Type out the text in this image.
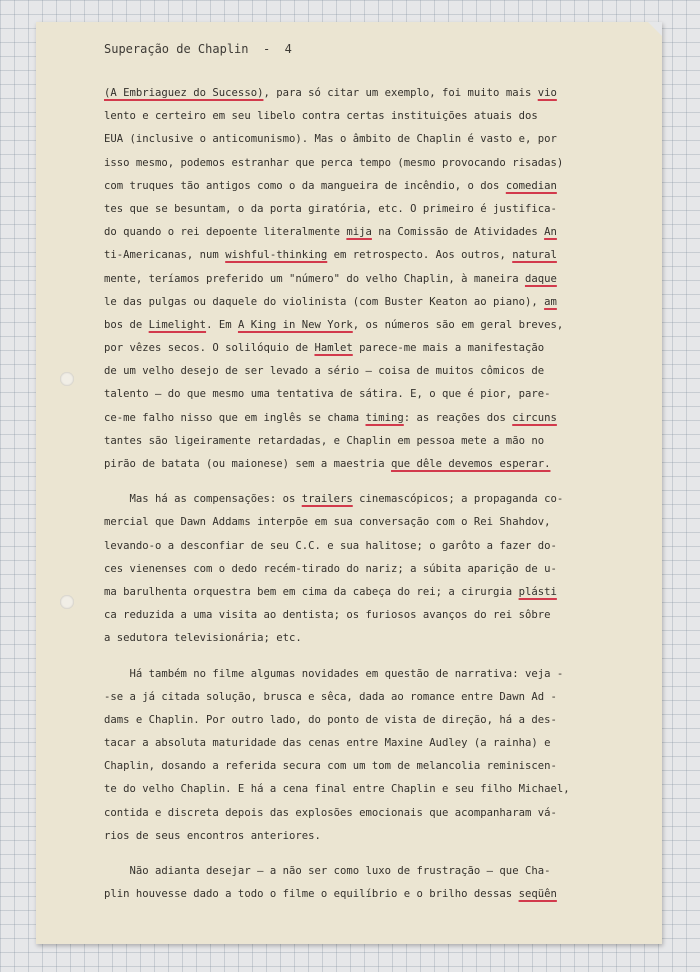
Superação de Chaplin  -  4
(A Embriaguez do Sucesso), para só citar um exemplo, foi muito mais vio
lento e certeiro em seu libelo contra certas instituições atuais dos
EUA (inclusive o anticomunismo). Mas o âmbito de Chaplin é vasto e, por
isso mesmo, podemos estranhar que perca tempo (mesmo provocando risadas)
com truques tão antigos como o da mangueira de incêndio, o dos comedian
tes que se besuntam, o da porta giratória, etc. O primeiro é justifica-
do quando o rei depoente literalmente mija na Comissão de Atividades An
ti-Americanas, num wishful-thinking em retrospecto. Aos outros, natural
mente, teríamos preferido um "número" do velho Chaplin, à maneira daque
le das pulgas ou daquele do violinista (com Buster Keaton ao piano), am
bos de Limelight. Em A King in New York, os números são em geral breves,
por vêzes secos. O solilóquio de Hamlet parece-me mais a manifestação
de um velho desejo de ser levado a sério — coisa de muitos cômicos de
talento — do que mesmo uma tentativa de sátira. E, o que é pior, pare-
ce-me falho nisso que em inglês se chama timing: as reações dos circuns
tantes são ligeiramente retardadas, e Chaplin em pessoa mete a mão no
pirão de batata (ou maionese) sem a maestria que dêle devemos esperar.
Mas há as compensações: os trailers cinemascópicos; a propaganda co-
mercial que Dawn Addams interpõe em sua conversação com o Rei Shahdov,
levando-o a desconfiar de seu C.C. e sua halitose; o garôto a fazer do-
ces vienenses com o dedo recém-tirado do nariz; a súbita aparição de u-
ma barulhenta orquestra bem em cima da cabeça do rei; a cirurgia plásti
ca reduzida a uma visita ao dentista; os furiosos avanços do rei sôbre
a sedutora televisionária; etc.
Há também no filme algumas novidades em questão de narrativa: veja -
-se a já citada solução, brusca e sêca, dada ao romance entre Dawn Ad -
dams e Chaplin. Por outro lado, do ponto de vista de direção, há a des-
tacar a absoluta maturidade das cenas entre Maxine Audley (a rainha) e
Chaplin, dosando a referida secura com um tom de melancolia reminiscen-
te do velho Chaplin. E há a cena final entre Chaplin e seu filho Michael,
contida e discreta depois das explosões emocionais que acompanharam vá-
rios de seus encontros anteriores.
Não adianta desejar — a não ser como luxo de frustração — que Cha-
plin houvesse dado a todo o filme o equilíbrio e o brilho dessas seqüên
